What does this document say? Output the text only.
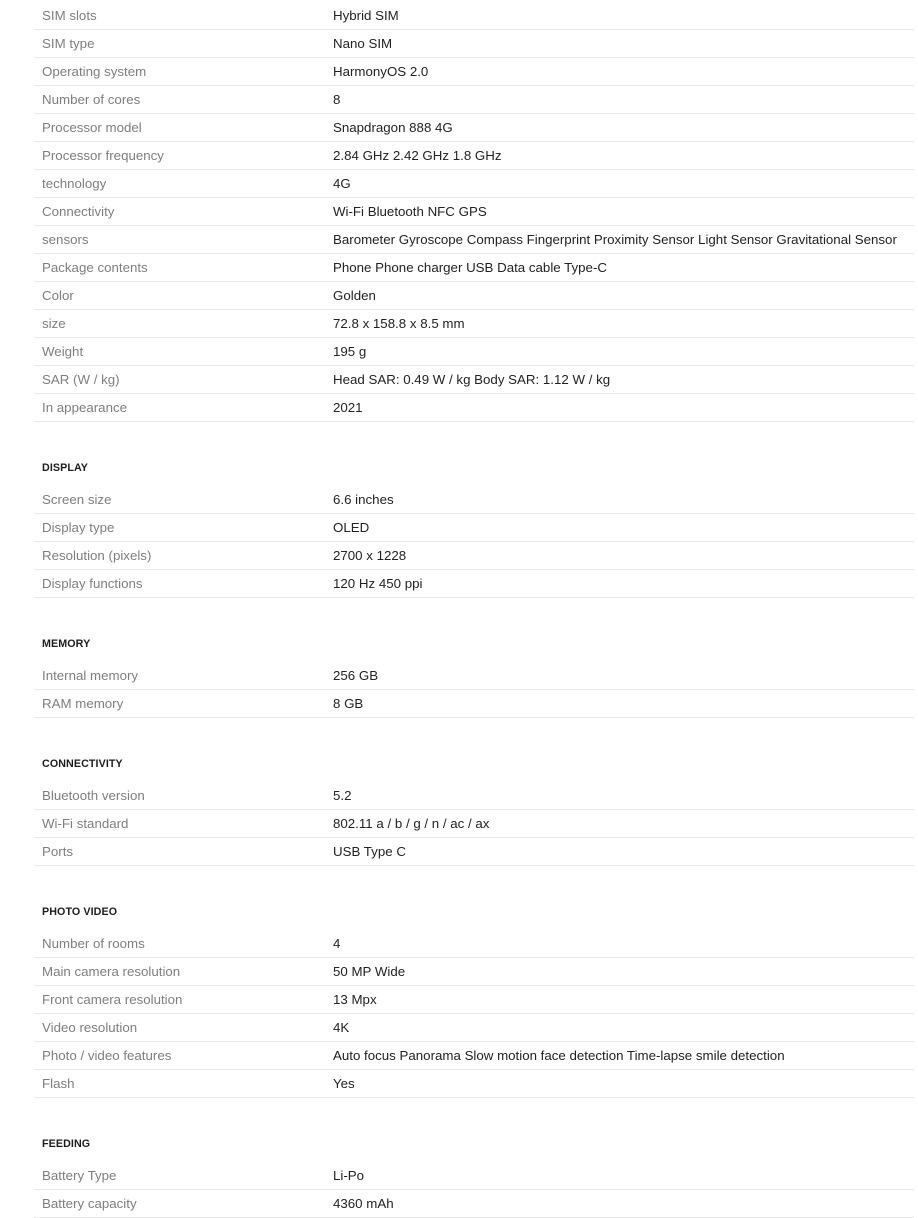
SIM slots	Hybrid SIM
SIM type	Nano SIM
Operating system	HarmonyOS 2.0
Number of cores	8
Processor model	Snapdragon 888 4G
Processor frequency	2.84 GHz 2.42 GHz 1.8 GHz
technology	4G
Connectivity	Wi-Fi Bluetooth NFC GPS
sensors	Barometer Gyroscope Compass Fingerprint Proximity Sensor Light Sensor Gravitational Sensor
Package contents	Phone Phone charger USB Data cable Type-C
Color	Golden
size	72.8 x 158.8 x 8.5 mm
Weight	195 g
SAR (W / kg)	Head SAR: 0.49 W / kg Body SAR: 1.12 W / kg
In appearance	2021
DISPLAY
Screen size	6.6 inches
Display type	OLED
Resolution (pixels)	2700 x 1228
Display functions	120 Hz 450 ppi
MEMORY
Internal memory	256 GB
RAM memory	8 GB
CONNECTIVITY
Bluetooth version	5.2
Wi-Fi standard	802.11 a / b / g / n / ac / ax
Ports	USB Type C
PHOTO VIDEO
Number of rooms	4
Main camera resolution	50 MP Wide
Front camera resolution	13 Mpx
Video resolution	4K
Photo / video features	Auto focus Panorama Slow motion face detection Time-lapse smile detection
Flash	Yes
FEEDING
Battery Type	Li-Po
Battery capacity	4360 mAh
